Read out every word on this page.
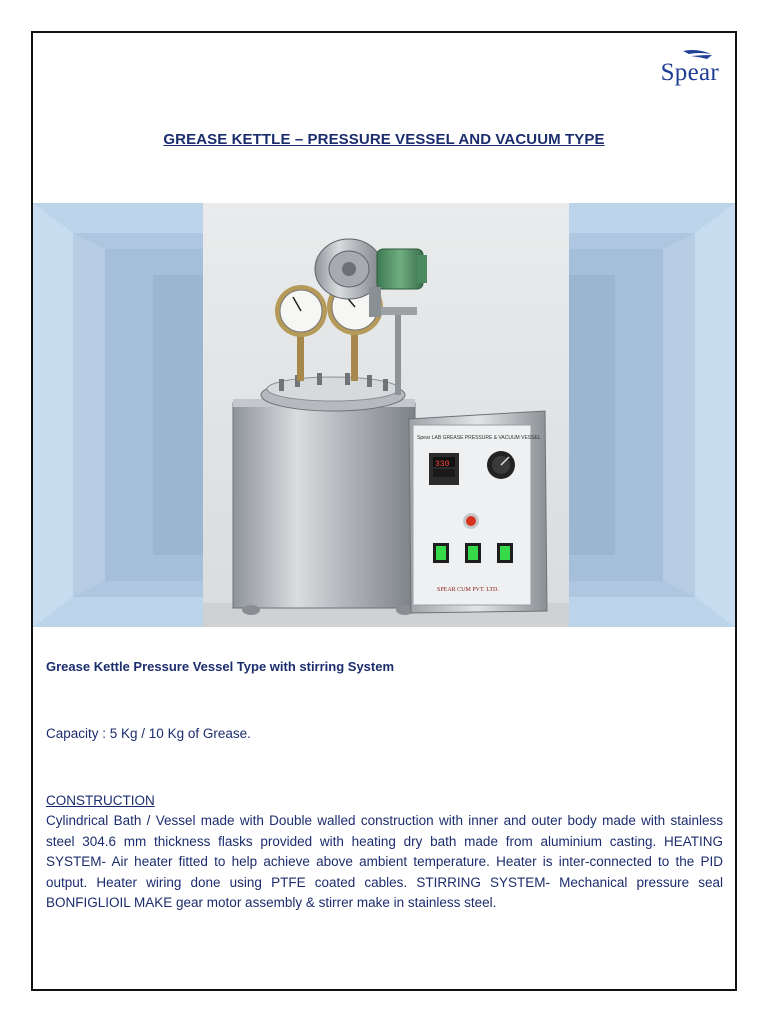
Spear
GREASE KETTLE – PRESSURE VESSEL AND VACUUM TYPE
Spear LAB GREASE PRESSURE & VACUUM VESSEL
330
SPEAR CUM PVT. LTD.
Grease Kettle Pressure Vessel Type with stirring System
Capacity : 5 Kg / 10 Kg of Grease.
CONSTRUCTION

Cylindrical Bath / Vessel made with Double walled construction with inner and outer body made with stainless steel 304.6 mm thickness flasks provided with heating dry bath made from aluminium casting. HEATING SYSTEM- Air heater fitted to help achieve above ambient temperature. Heater is inter-connected to the PID output. Heater wiring done using PTFE coated cables. STIRRING SYSTEM- Mechanical pressure seal BONFIGLIOIL MAKE gear motor assembly & stirrer make in stainless steel.
